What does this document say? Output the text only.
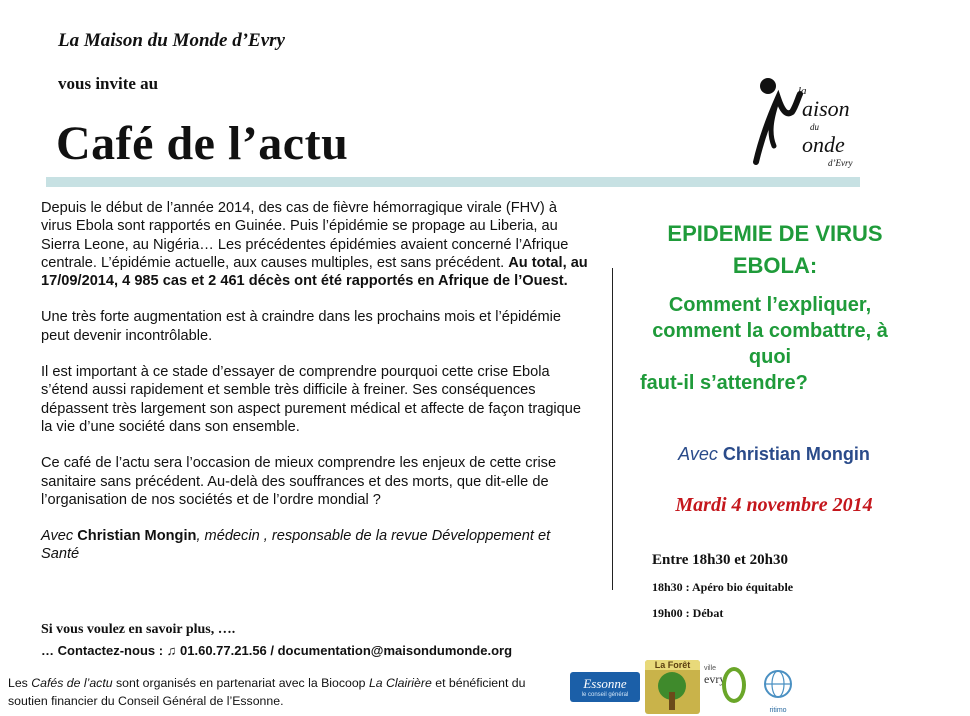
La Maison du Monde d’Evry
vous invite au
Café de l’actu
la
aison
du
onde
d’Evry

Depuis le début de l’année 2014, des cas de fièvre hémorragique virale (FHV) à virus Ebola sont rapportés en Guinée. Puis l’épidémie se propage au Liberia, au Sierra Leone, au Nigéria… Les précédentes épidémies avaient concerné l’Afrique centrale. L’épidémie actuelle, aux causes multiples, est sans précédent. Au total, au 17/09/2014, 4 985 cas et 2 461 décès ont été rapportés en Afrique de l’Ouest.

Une très forte augmentation est à craindre dans les prochains mois et l’épidémie peut devenir incontrôlable.

Il est important à ce stade d’essayer de comprendre pourquoi cette crise Ebola s’étend aussi rapidement et semble très difficile à freiner. Ses conséquences dépassent très largement son aspect purement médical et affecte de façon tragique la vie d’une société dans son ensemble.

Ce café de l’actu sera l’occasion de mieux comprendre les enjeux de cette crise sanitaire sans précédent. Au-delà des souffrances et des morts, que dit-elle de l’organisation de nos sociétés et de l’ordre mondial ?

Avec Christian Mongin, médecin , responsable de la revue Développement et Santé

Si vous voulez en savoir plus, ….
… Contactez-nous : ♫ 01.60.77.21.56 / documentation@maisondumonde.org
EPIDEMIE DE VIRUS EBOLA:
Comment l’expliquer, comment la combattre, à quoi
faut-il s’attendre?
Avec Christian Mongin
Mardi 4 novembre 2014
Entre 18h30 et 20h30
18h30 : Apéro bio équitable
19h00 : Débat
Les Cafés de l’actu sont organisés en partenariat avec la Biocoop La Clairière et bénéficient du soutien financier du Conseil Général de l’Essonne.
Essonne
le conseil général
La Forêt	ville
evry
ritimo
